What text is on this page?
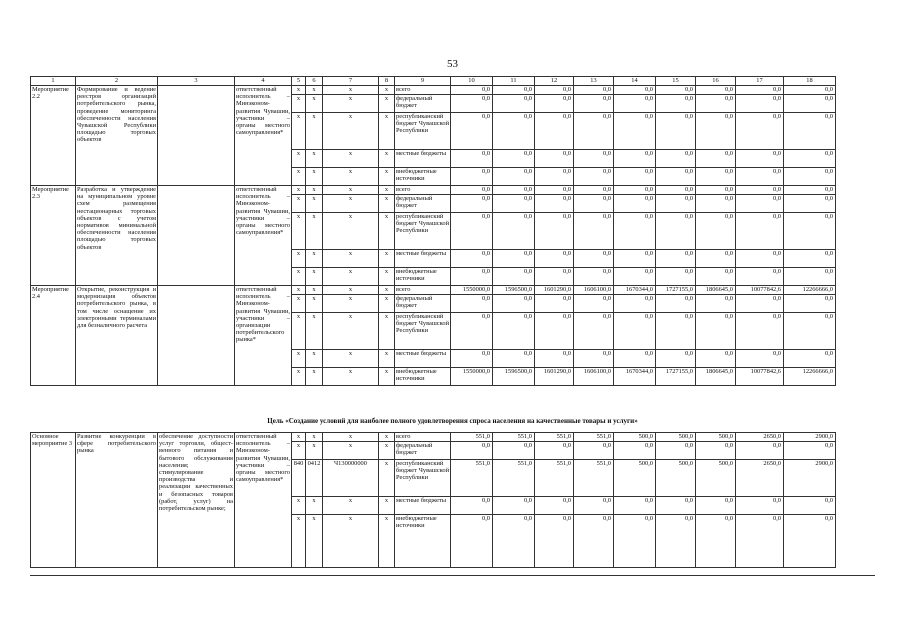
53
1	2	3	4	5	6	7	8	9	10	11	12	13	14	15	16	17	18
Мероприятие 2.2	Формирование и ведение реестров организаций потребительского рынка, проведение мониторинга обеспеченности населения Чувашской Республики площадью торговых объектов		ответственный исполнитель – Минэкономразвития Чувашии, участники – органы местного самоуправления*	х	х	х	х	всего	0,0	0,0	0,0	0,0	0,0	0,0	0,0	0,0	0,0
				х	х	х	х	федеральный бюджет	0,0	0,0	0,0	0,0	0,0	0,0	0,0	0,0	0,0
				х	х	х	х	республиканский бюджет Чувашской Республики	0,0	0,0	0,0	0,0	0,0	0,0	0,0	0,0	0,0
				х	х	х	х	местные бюджеты	0,0	0,0	0,0	0,0	0,0	0,0	0,0	0,0	0,0
				х	х	х	х	внебюджетные источники	0,0	0,0	0,0	0,0	0,0	0,0	0,0	0,0	0,0
Мероприятие 2.3	Разработка и утверждение на муниципальном уровне схем размещения нестационарных торговых объектов с учетом нормативов минимальной обеспеченности населения площадью торговых объектов		ответственный исполнитель – Минэкономразвития Чувашии, участники – органы местного самоуправления*	х	х	х	х	всего	0,0	0,0	0,0	0,0	0,0	0,0	0,0	0,0	0,0
				х	х	х	х	федеральный бюджет	0,0	0,0	0,0	0,0	0,0	0,0	0,0	0,0	0,0
				х	х	х	х	республиканский бюджет Чувашской Республики	0,0	0,0	0,0	0,0	0,0	0,0	0,0	0,0	0,0
				х	х	х	х	местные бюджеты	0,0	0,0	0,0	0,0	0,0	0,0	0,0	0,0	0,0
				х	х	х	х	внебюджетные источники	0,0	0,0	0,0	0,0	0,0	0,0	0,0	0,0	0,0
Мероприятие 2.4	Открытие, реконструкция и модернизация объектов потребительского рынка, в том числе оснащение их электронными терминалами для безналичного расчета		ответственный исполнитель – Минэкономразвития Чувашии, участники – организации потребительского рынка*	х	х	х	х	всего	1550000,0	1596500,0	1601290,0	1606100,0	1670344,0	1727155,0	1806645,0	10077842,6	12266666,0
				х	х	х	х	федеральный бюджет	0,0	0,0	0,0	0,0	0,0	0,0	0,0	0,0	0,0
				х	х	х	х	республиканский бюджет Чувашской Республики	0,0	0,0	0,0	0,0	0,0	0,0	0,0	0,0	0,0
				х	х	х	х	местные бюджеты	0,0	0,0	0,0	0,0	0,0	0,0	0,0	0,0	0,0
				х	х	х	х	внебюджетные источники	1550000,0	1596500,0	1601290,0	1606100,0	1670344,0	1727155,0	1806645,0	10077842,6	12266666,0
Цель «Создание условий для наиболее полного удовлетворения спроса населения на качественные товары и услуги»
Основное мероприятие 3	Развитие конкуренции в сфере потребительского рынка	обеспечение доступности услуг торговли, общественного питания и бытового обслуживания населения; стимулирование производства и реализации качественных и безопасных товаров (работ, услуг) на потребительском рынке;	ответственный исполнитель – Минэкономразвития Чувашии, участники – органы местного самоуправления*	х	х	х	х	всего	551,0	551,0	551,0	551,0	500,0	500,0	500,0	2650,0	2900,0
				х	х	х	х	федеральный бюджет	0,0	0,0	0,0	0,0	0,0	0,0	0,0	0,0	0,0
				840	0412	Ч130000000	х	республиканский бюджет Чувашской Республики	551,0	551,0	551,0	551,0	500,0	500,0	500,0	2650,0	2900,0
				х	х	х	х	местные бюджеты	0,0	0,0	0,0	0,0	0,0	0,0	0,0	0,0	0,0
				х	х	х	х	внебюджетные источники	0,0	0,0	0,0	0,0	0,0	0,0	0,0	0,0	0,0
